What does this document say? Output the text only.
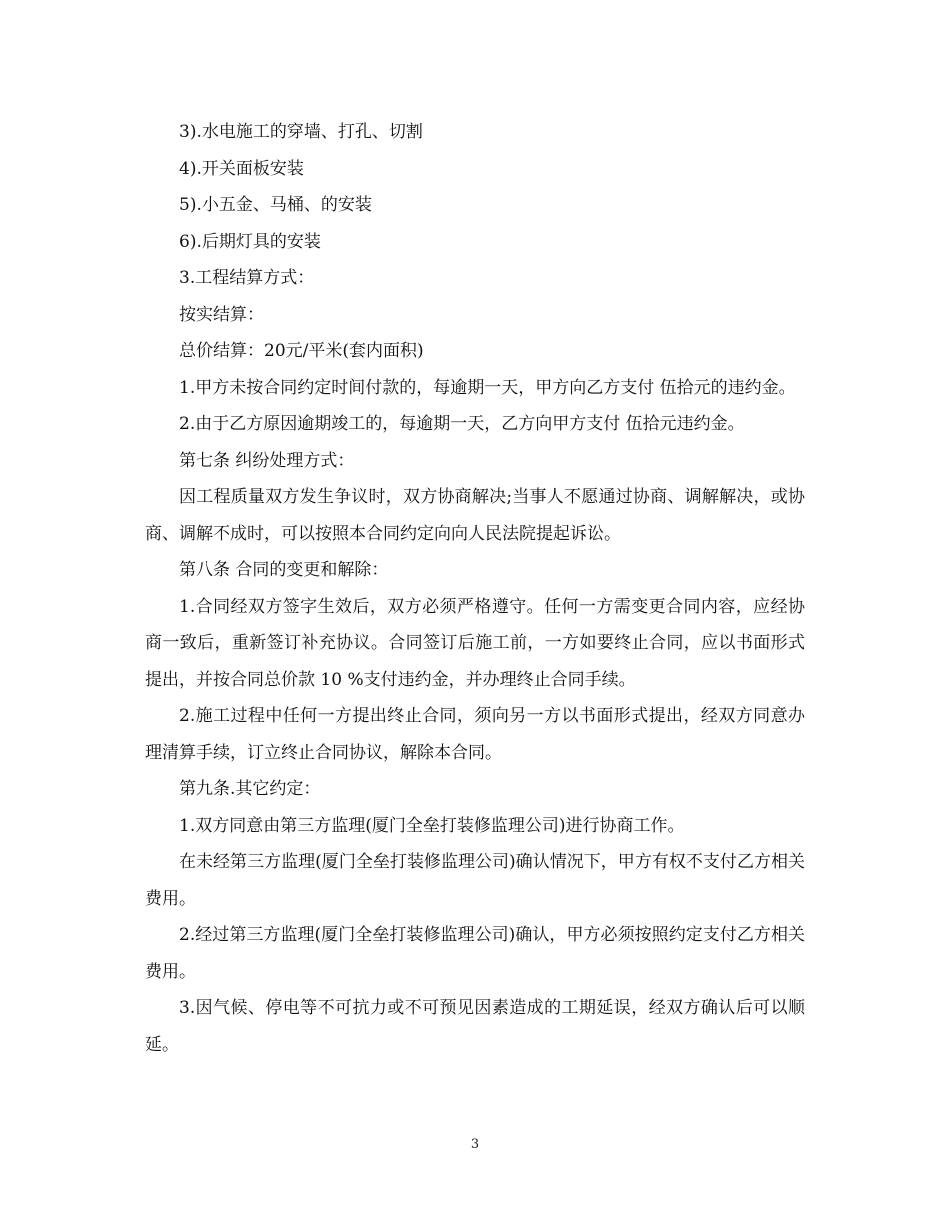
3).水电施工的穿墙、打孔、切割

4).开关面板安装

5).小五金、马桶、的安装

6).后期灯具的安装

3.工程结算方式：

按实结算：

总价结算：20元/平米(套内面积)

1.甲方未按合同约定时间付款的，每逾期一天，甲方向乙方支付 伍拾元的违约金。

2.由于乙方原因逾期竣工的，每逾期一天，乙方向甲方支付 伍拾元违约金。

第七条 纠纷处理方式：

因工程质量双方发生争议时，双方协商解决;当事人不愿通过协商、调解解决，或协商、调解不成时，可以按照本合同约定向向人民法院提起诉讼。

第八条 合同的变更和解除：

1.合同经双方签字生效后，双方必须严格遵守。任何一方需变更合同内容，应经协商一致后，重新签订补充协议。合同签订后施工前，一方如要终止合同，应以书面形式提出，并按合同总价款 10 %支付违约金，并办理终止合同手续。

2.施工过程中任何一方提出终止合同，须向另一方以书面形式提出，经双方同意办理清算手续，订立终止合同协议，解除本合同。

第九条.其它约定：

1.双方同意由第三方监理(厦门全垒打装修监理公司)进行协商工作。

在未经第三方监理(厦门全垒打装修监理公司)确认情况下，甲方有权不支付乙方相关费用。

2.经过第三方监理(厦门全垒打装修监理公司)确认，甲方必须按照约定支付乙方相关费用。

3.因气候、停电等不可抗力或不可预见因素造成的工期延误，经双方确认后可以顺延。

3
